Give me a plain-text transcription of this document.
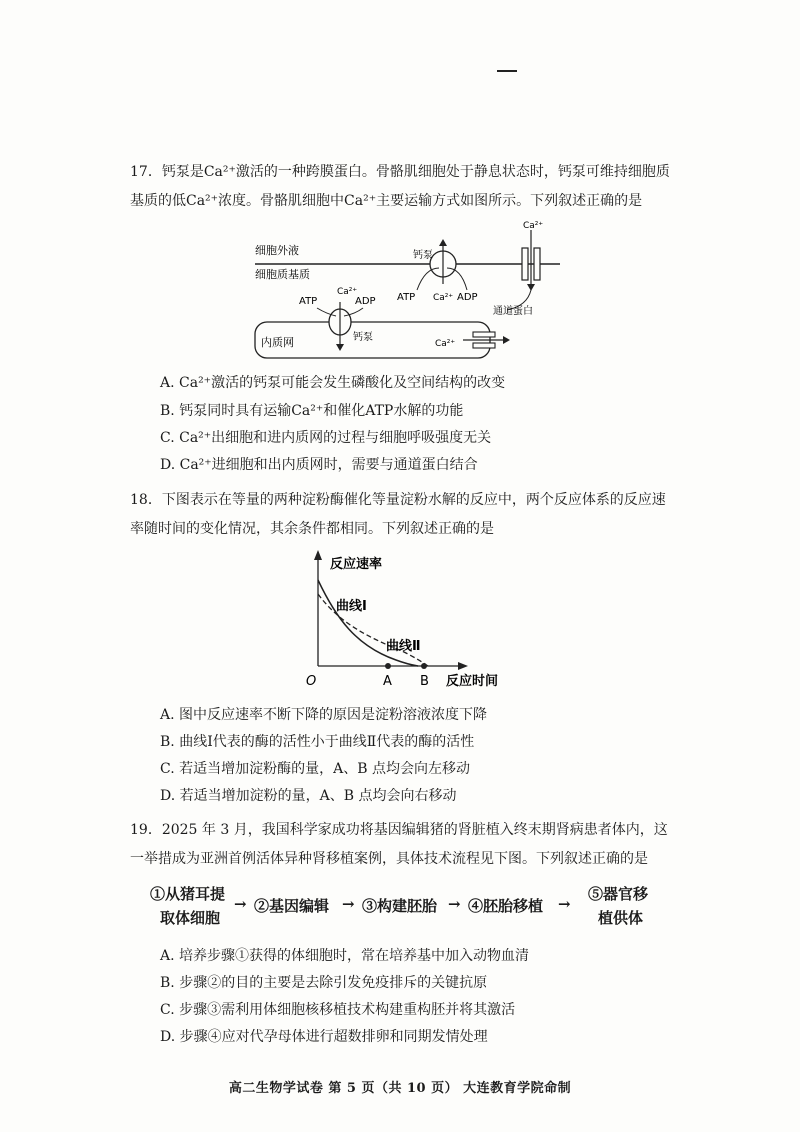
17．钙泵是Ca²⁺激活的一种跨膜蛋白。骨骼肌细胞处于静息状态时，钙泵可维持细胞质基质的低Ca²⁺浓度。骨骼肌细胞中Ca²⁺主要运输方式如图所示。下列叙述正确的是
细胞外液
细胞质基质
钙泵
ATP Ca²⁺ ADP
Ca²⁺
通道蛋白
内质网
ATP
Ca²⁺
ADP
钙泵
Ca²⁺
A. Ca²⁺激活的钙泵可能会发生磷酸化及空间结构的改变
B. 钙泵同时具有运输Ca²⁺和催化ATP水解的功能
C. Ca²⁺出细胞和进内质网的过程与细胞呼吸强度无关
D. Ca²⁺进细胞和出内质网时，需要与通道蛋白结合
18．下图表示在等量的两种淀粉酶催化等量淀粉水解的反应中，两个反应体系的反应速率随时间的变化情况，其余条件都相同。下列叙述正确的是
反应速率
反应时间
O	A B
曲线Ⅰ
曲线Ⅱ
A. 图中反应速率不断下降的原因是淀粉溶液浓度下降
B. 曲线Ⅰ代表的酶的活性小于曲线Ⅱ代表的酶的活性
C. 若适当增加淀粉酶的量，A、B 点均会向左移动
D. 若适当增加淀粉的量，A、B 点均会向右移动
19．2025 年 3 月，我国科学家成功将基因编辑猪的肾脏植入终末期肾病患者体内，这一举措成为亚洲首例活体异种肾移植案例，具体技术流程见下图。下列叙述正确的是
①从猪耳提
取体细胞
→ ②基因编辑 → ③构建胚胎 → ④胚胎移植 →
⑤器官移
植供体
A. 培养步骤①获得的体细胞时，常在培养基中加入动物血清
B. 步骤②的目的主要是去除引发免疫排斥的关键抗原
C. 步骤③需利用体细胞核移植技术构建重构胚并将其激活
D. 步骤④应对代孕母体进行超数排卵和同期发情处理
高二生物学试卷 第 5 页（共 10 页） 大连教育学院命制
